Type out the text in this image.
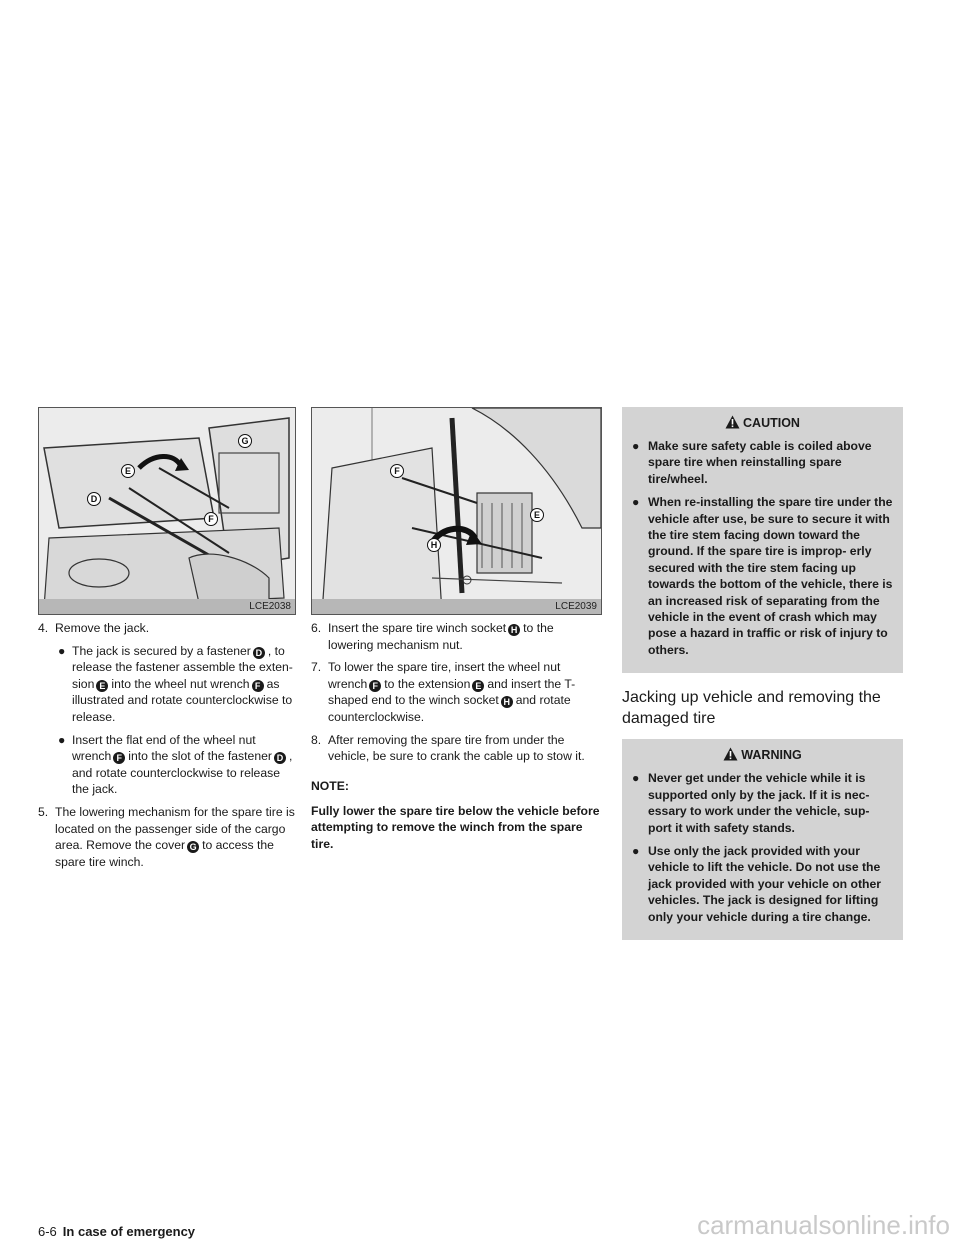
G
E
D
F
LCE2038
4 . Remove the jack.
● The jack is secured by a fastener D , to release the fastener assemble the exten- sion E into the wheel nut wrench F as illustrated and rotate counterclockwise to release.
● Insert the flat end of the wheel nut wrench F into the slot of the fastener D , and rotate counterclockwise to release the jack.
5 . The lowering mechanism for the spare tire is located on the passenger side of the cargo area. Remove the cover G to access the spare tire winch.
F
E
H
LCE2039
6 . Insert the spare tire winch socket H to the lowering mechanism nut.
7 . To lower the spare tire, insert the wheel nut wrench F to the extension E and insert the T-shaped end to the winch socket H and rotate counterclockwise.
8 . After removing the spare tire from under the vehicle, be sure to crank the cable up to stow it.
NOTE:
Fully lower the spare tire below the vehicle before attempting to remove the winch from the spare tire.
CAUTION
● Make sure safety cable is coiled above spare tire when reinstalling spare tire/wheel.
● When re-installing the spare tire under the vehicle after use, be sure to secure it with the tire stem facing down toward the ground. If the spare tire is improp- erly secured with the tire stem facing up towards the bottom of the vehicle, there is an increased risk of separating from the vehicle in the event of crash which may pose a hazard in traffic or risk of injury to others.
Jacking up vehicle and removing the damaged tire
WARNING
● Never get under the vehicle while it is supported only by the jack. If it is nec- essary to work under the vehicle, sup- port it with safety stands.
● Use only the jack provided with your vehicle to lift the vehicle. Do not use the jack provided with your vehicle on other vehicles. The jack is designed for lifting only your vehicle during a tire change.
6-6 In case of emergency	carmanualsonline.info
